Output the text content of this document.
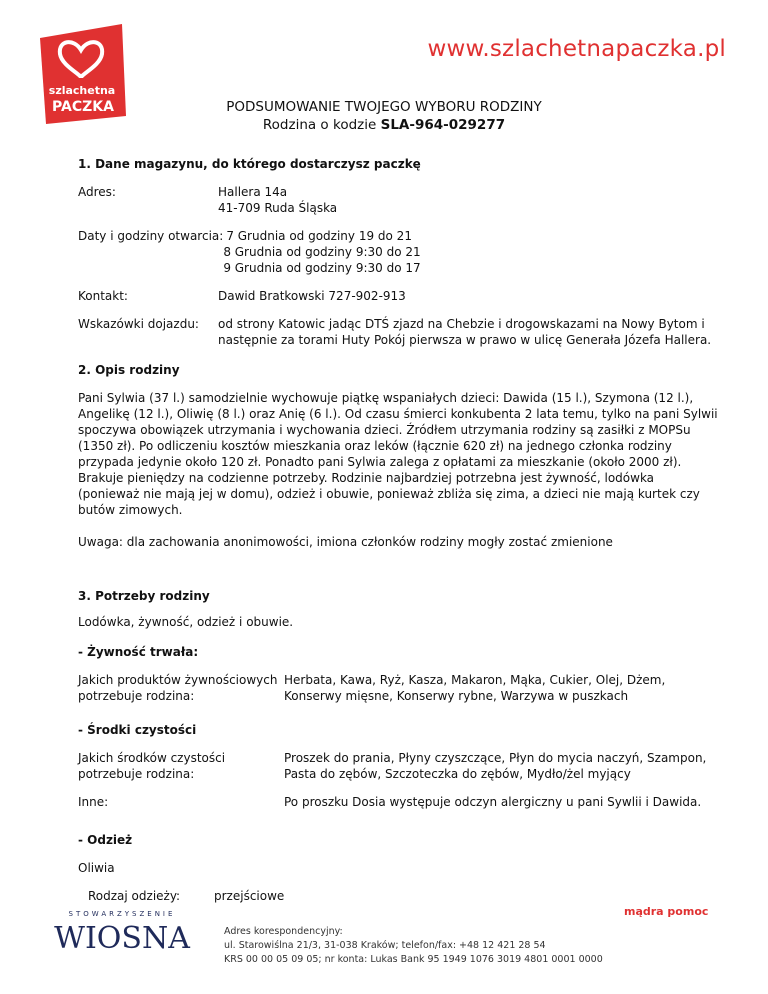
szlachetna
PACZKA
www.szlachetnapaczka.pl
PODSUMOWANIE TWOJEGO WYBORU RODZINY
Rodzina o kodzie SLA-964-029277

1. Dane magazynu, do którego dostarczysz paczkę

Adres:	Hallera 14a
41-709 Ruda Śląska
Daty i godziny otwarcia: 7 Grudnia od godziny 19 do 21
8 Grudnia od godziny 9:30 do 21
9 Grudnia od godziny 9:30 do 17
Kontakt:	Dawid Bratkowski 727-902-913
Wskazówki dojazdu:	od strony Katowic jadąc DTŚ zjazd na Chebzie i drogowskazami na Nowy Bytom i następnie za torami Huty Pokój pierwsza w prawo w ulicę Generała Józefa Hallera.

2. Opis rodziny

Pani Sylwia (37 l.) samodzielnie wychowuje piątkę wspaniałych dzieci: Dawida (15 l.), Szymona (12 l.), Angelikę (12 l.), Oliwię (8 l.) oraz Anię (6 l.). Od czasu śmierci konkubenta 2 lata temu, tylko na pani Sylwii spoczywa obowiązek utrzymania i wychowania dzieci. Źródłem utrzymania rodziny są zasiłki z MOPSu (1350 zł). Po odliczeniu kosztów mieszkania oraz leków (łącznie 620 zł) na jednego członka rodziny przypada jedynie około 120 zł. Ponadto pani Sylwia zalega z opłatami za mieszkanie (około 2000 zł). Brakuje pieniędzy na codzienne potrzeby. Rodzinie najbardziej potrzebna jest żywność, lodówka (ponieważ nie mają jej w domu), odzież i obuwie, ponieważ zbliża się zima, a dzieci nie mają kurtek czy butów zimowych.

Uwaga: dla zachowania anonimowości, imiona członków rodziny mogły zostać zmienione

3. Potrzeby rodziny

Lodówka, żywność, odzież i obuwie.

- Żywność trwała:

Jakich produktów żywnościowych potrzebuje rodzina:
Herbata, Kawa, Ryż, Kasza, Makaron, Mąka, Cukier, Olej, Dżem, Konserwy mięsne, Konserwy rybne, Warzywa w puszkach

- Środki czystości

Jakich środków czystości potrzebuje rodzina:
Proszek do prania, Płyny czyszczące, Płyn do mycia naczyń, Szampon, Pasta do zębów, Szczoteczka do zębów, Mydło/żel myjący
Inne:	Po proszku Dosia występuje odczyn alergiczny u pani Sywlii i Dawida.

- Odzież

Oliwia

Rodzaj odzieży:	przejściowe
STOWARZYSZENIE
WIOSNA
mądra pomoc
Adres korespondencyjny:
ul. Starowiślna 21/3, 31-038 Kraków; telefon/fax: +48 12 421 28 54
KRS 00 00 05 09 05; nr konta: Lukas Bank 95 1949 1076 3019 4801 0001 0000
